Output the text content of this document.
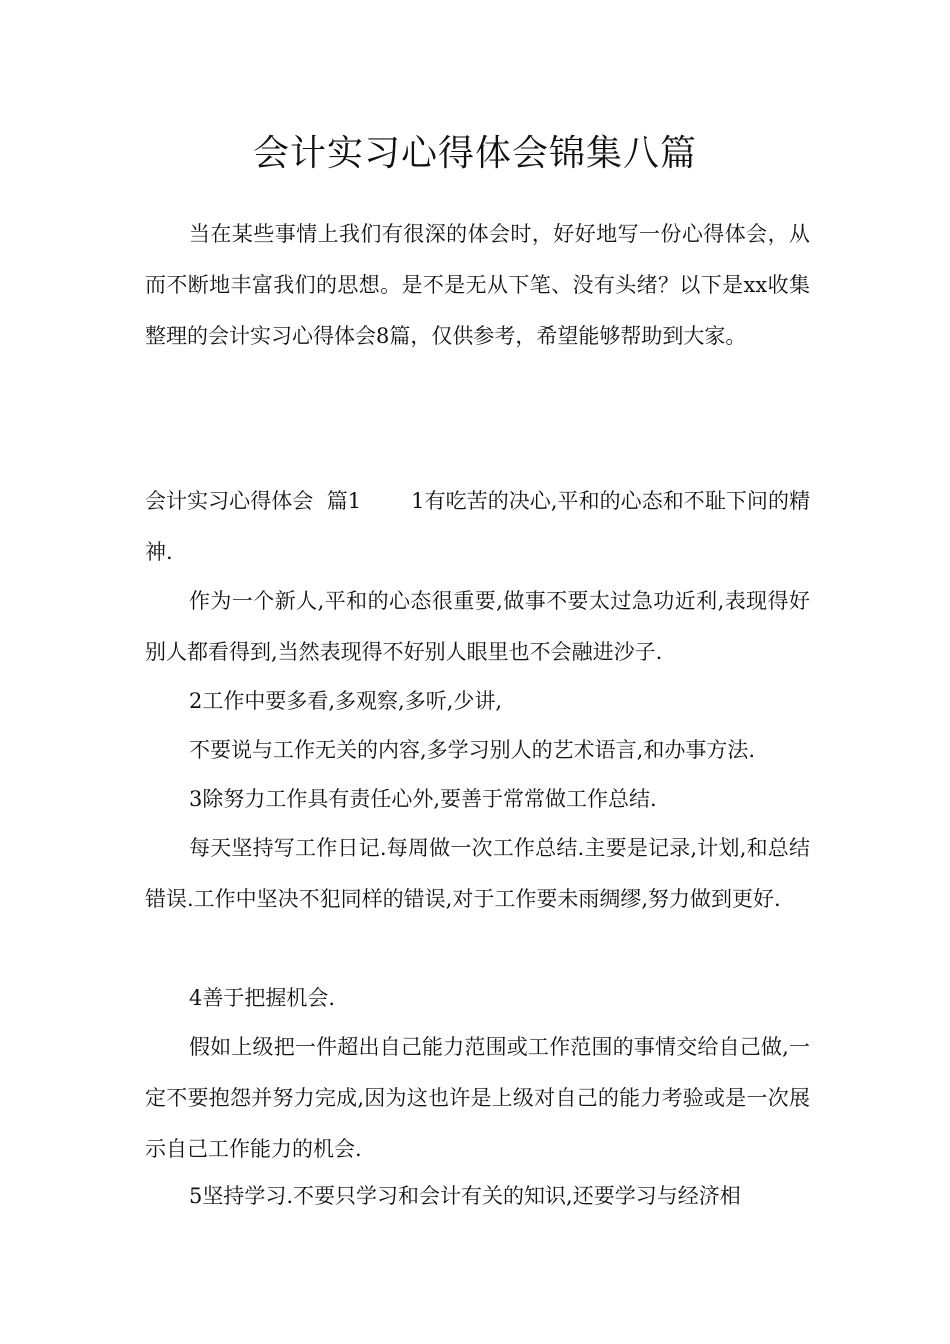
会计实习心得体会锦集八篇

当在某些事情上我们有很深的体会时，好好地写一份心得体会，从而不断地丰富我们的思想。是不是无从下笔、没有头绪？以下是xx收集整理的会计实习心得体会8篇，仅供参考，希望能够帮助到大家。

会计实习心得体会  篇1 1有吃苦的决心,平和的心态和不耻下问的精神.

作为一个新人,平和的心态很重要,做事不要太过急功近利,表现得好别人都看得到,当然表现得不好别人眼里也不会融进沙子.

2工作中要多看,多观察,多听,少讲,

不要说与工作无关的内容,多学习别人的艺术语言,和办事方法.

3除努力工作具有责任心外,要善于常常做工作总结.

每天坚持写工作日记.每周做一次工作总结.主要是记录,计划,和总结错误.工作中坚决不犯同样的错误,对于工作要未雨绸缪,努力做到更好.

4善于把握机会.

假如上级把一件超出自己能力范围或工作范围的事情交给自己做,一定不要抱怨并努力完成,因为这也许是上级对自己的能力考验或是一次展示自己工作能力的机会.

5坚持学习.不要只学习和会计有关的知识,还要学习与经济相
